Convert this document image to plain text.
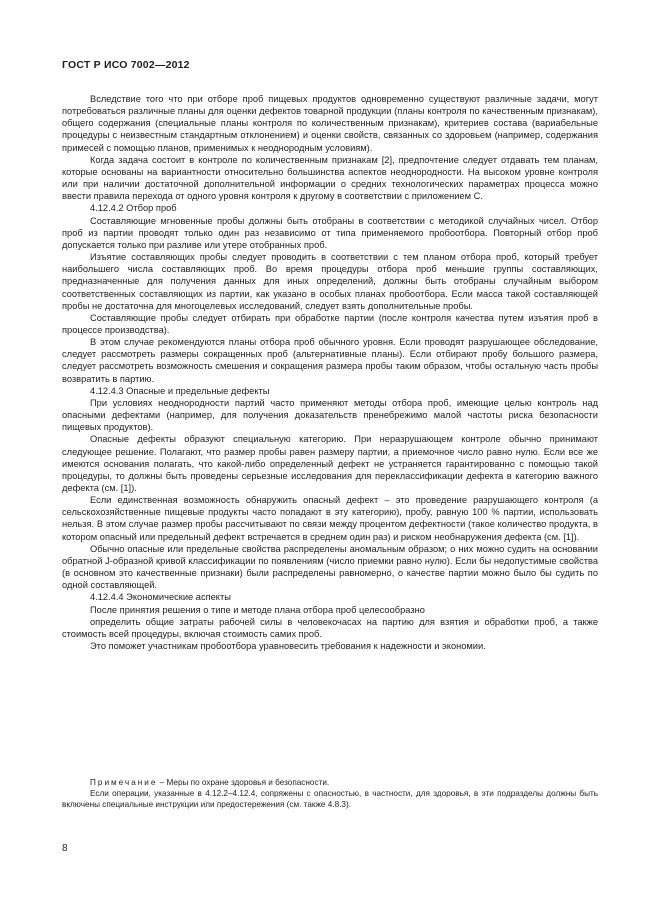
ГОСТ Р ИСО 7002—2012

Вследствие того что при отборе проб пищевых продуктов одновременно существуют различные задачи, могут потребоваться различные планы для оценки дефектов товарной продукции (планы контроля по качественным признакам), общего содержания (специальные планы контроля по количественным признакам), критериев состава (вариабельные процедуры с неизвестным стандартным отклонением) и оценки свойств, связанных со здоровьем (например, содержания примесей с помощью планов, применимых к неоднородным условиям).

Когда задача состоит в контроле по количественным признакам [2], предпочтение следует отдавать тем планам, которые основаны на вариантности относительно большинства аспектов неоднородности. На высоком уровне контроля или при наличии достаточной дополнительной информации о средних технологических параметрах процесса можно ввести правила перехода от одного уровня контроля к другому в соответствии с приложением С.

4.12.4.2 Отбор проб

Составляющие мгновенные пробы должны быть отобраны в соответствии с методикой случайных чисел. Отбор проб из партии проводят только один раз независимо от типа применяемого пробоотбора. Повторный отбор проб допускается только при разливе или утере отобранных проб.

Изъятие составляющих пробы следует проводить в соответствии с тем планом отбора проб, который требует наибольшего числа составляющих проб. Во время процедуры отбора проб меньшие группы составляющих, предназначенные для получения данных для иных определений, должны быть отобраны случайным выбором соответственных составляющих из партии, как указано в особых планах пробоотбора. Если масса такой составляющей пробы не достаточна для многоцелевых исследований, следует взять дополнительные пробы.

Составляющие пробы следует отбирать при обработке партии (после контроля качества путем изъятия проб в процессе производства).

В этом случае рекомендуются планы отбора проб обычного уровня. Если проводят разрушающее обследование, следует рассмотреть размеры сокращенных проб (альтернативные планы). Если отбирают пробу большого размера, следует рассмотреть возможность смешения и сокращения размера пробы таким образом, чтобы остальную часть пробы возвратить в партию.

4.12.4.3 Опасные и предельные дефекты

При условиях неоднородности партий часто применяют методы отбора проб, имеющие целью контроль над опасными дефектами (например, для получения доказательств пренебрежимо малой частоты риска безопасности пищевых продуктов).

Опасные дефекты образуют специальную категорию. При неразрушающем контроле обычно принимают следующее решение. Полагают, что размер пробы равен размеру партии, а приемочное число равно нулю. Если все же имеются основания полагать, что какой-либо определенный дефект не устраняется гарантированно с помощью такой процедуры, то должны быть проведены серьезные исследования для переклассификации дефекта в категорию важного дефекта (см. [1]).

Если единственная возможность обнаружить опасный дефект – это проведение разрушающего контроля (а сельскохозяйственные пищевые продукты часто попадают в эту категорию), пробу, равную 100 % партии, использовать нельзя. В этом случае размер пробы рассчитывают по связи между процентом дефектности (такое количество продукта, в котором опасный или предельный дефект встречается в среднем один раз) и риском необнаружения дефекта (см. [1]).

Обычно опасные или предельные свойства распределены аномальным образом; о них можно судить на основании обратной J-образной кривой классификации по появлениям (число приемки равно нулю). Если бы недопустимые свойства (в основном это качественные признаки) были распределены равномерно, о качестве партии можно было бы судить по одной составляющей.

4.12.4.4 Экономические аспекты

После принятия решения о типе и методе плана отбора проб целесообразно

определить общие затраты рабочей силы в человекочасах на партию для взятия и обработки проб, а также стоимость всей процедуры, включая стоимость самих проб.

Это поможет участникам пробоотбора уравновесить требования к надежности и экономии.

Примечание – Меры по охране здоровья и безопасности.

Если операции, указанные в 4.12.2–4.12.4, сопряжены с опасностью, в частности, для здоровья, в эти подразделы должны быть включены специальные инструкции или предостережения (см. также 4.8.3).

8
